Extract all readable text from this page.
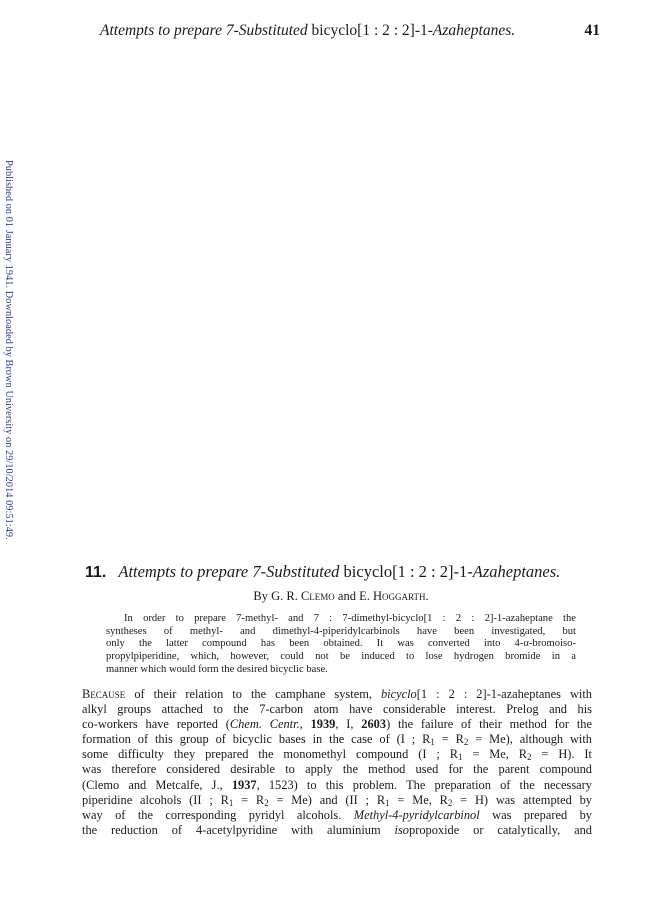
Attempts to prepare 7-Substituted bicyclo[1 : 2 : 2]-1-Azaheptanes.	41
Published on 01 January 1941. Downloaded by Brown University on 29/10/2014 09:51:49.
11. Attempts to prepare 7-Substituted bicyclo[1 : 2 : 2]-1-Azaheptanes.
By G. R. Clemo and E. Hoggarth.
In order to prepare 7-methyl- and 7 : 7-dimethyl-bicyclo[1 : 2 : 2]-1-azaheptane the
syntheses of methyl- and dimethyl-4-piperidylcarbinols have been investigated, but
only the latter compound has been obtained. It was converted into 4-α-bromoiso-
propylpiperidine, which, however, could not be induced to lose hydrogen bromide in a
manner which would form the desired bicyclic base.
Because of their relation to the camphane system, bicyclo[1 : 2 : 2]-1-azaheptanes with
alkyl groups attached to the 7-carbon atom have considerable interest. Prelog and his
co-workers have reported (Chem. Centr., 1939, I, 2603) the failure of their method for the
formation of this group of bicyclic bases in the case of (I ; $R_1 = R_2 = Me$), although with
some difficulty they prepared the monomethyl compound (I ; $R_1 = Me$, $R_2 = H$). It
was therefore considered desirable to apply the method used for the parent compound
(Clemo and Metcalfe, J., 1937, 1523) to this problem. The preparation of the necessary
piperidine alcohols (II ; $R_1 = R_2 = Me$) and (II ; $R_1 = Me$, $R_2 = H$) was attempted by
way of the corresponding pyridyl alcohols. Methyl-4-pyridylcarbinol was prepared by
the reduction of 4-acetylpyridine with aluminium isopropoxide or catalytically, and
